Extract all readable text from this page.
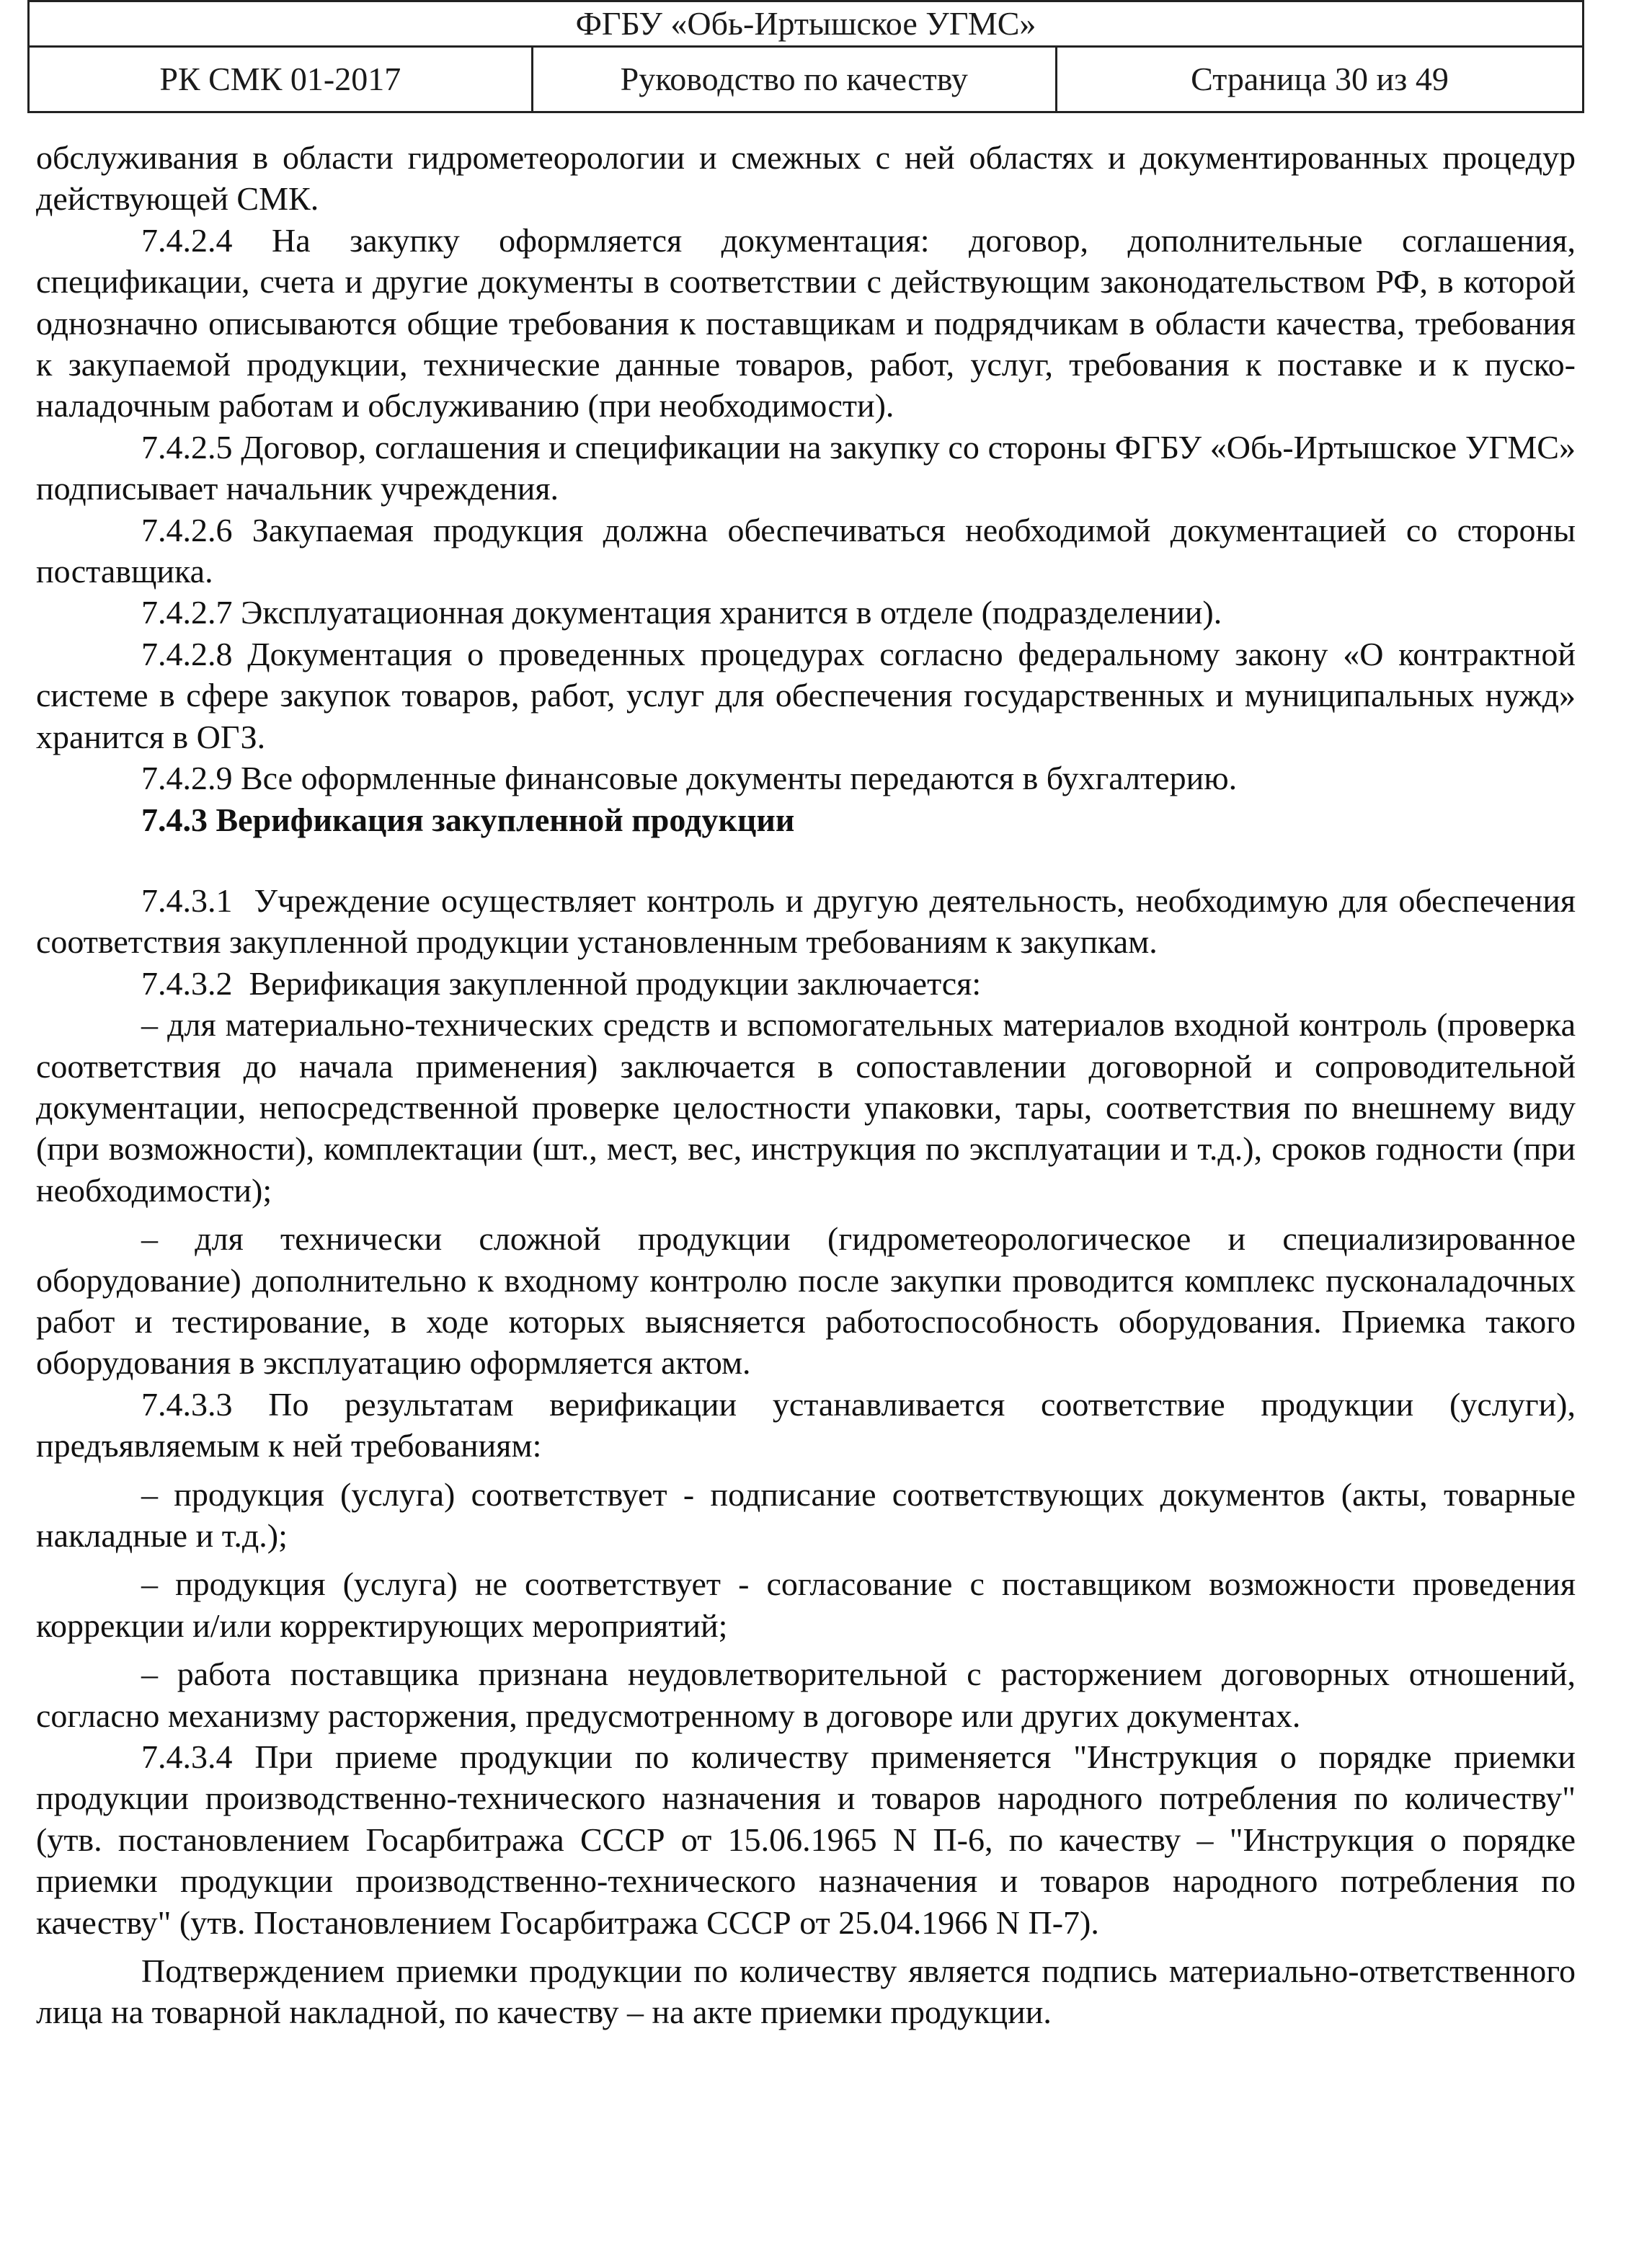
ФГБУ «Обь-Иртышское УГМС»
РК СМК 01-2017	Руководство по качеству	Страница 30 из 49

обслуживания в области гидрометеорологии и смежных с ней областях и документированных процедур действующей СМК.

7.4.2.4 На закупку оформляется документация: договор, дополнительные соглашения, спецификации, счета и другие документы в соответствии с действующим законодательством РФ, в которой однозначно описываются общие требования к поставщикам и подрядчикам в области качества, требования к закупаемой продукции, технические данные товаров, работ, услуг, требования к поставке и к пуско-наладочным работам и обслуживанию (при необходимости).

7.4.2.5 Договор, соглашения и спецификации на закупку со стороны ФГБУ «Обь-Иртышское УГМС» подписывает начальник учреждения.

7.4.2.6 Закупаемая продукция должна обеспечиваться необходимой документацией со стороны поставщика.

7.4.2.7 Эксплуатационная документация хранится в отделе (подразделении).

7.4.2.8 Документация о проведенных процедурах согласно федеральному закону «О контрактной системе в сфере закупок товаров, работ, услуг для обеспечения государственных и муниципальных нужд» хранится в ОГЗ.

7.4.2.9 Все оформленные финансовые документы передаются в бухгалтерию.

7.4.3 Верификация закупленной продукции

7.4.3.1  Учреждение осуществляет контроль и другую деятельность, необходимую для обеспечения соответствия закупленной продукции установленным требованиям к закупкам.

7.4.3.2  Верификация закупленной продукции заключается:

– для материально-технических средств и вспомогательных материалов входной контроль (проверка соответствия до начала применения) заключается в сопоставлении договорной и сопроводительной документации, непосредственной проверке целостности упаковки, тары, соответствия по внешнему виду (при возможности), комплектации (шт., мест, вес, инструкция по эксплуатации и т.д.), сроков годности (при необходимости);

– для технически сложной продукции (гидрометеорологическое и специализированное оборудование) дополнительно к входному контролю после закупки проводится комплекс пусконаладочных работ и тестирование, в ходе которых выясняется работоспособность оборудования. Приемка такого оборудования в эксплуатацию оформляется актом.

7.4.3.3 По результатам верификации устанавливается соответствие продукции (услуги), предъявляемым к ней требованиям:

– продукция (услуга) соответствует - подписание соответствующих документов (акты, товарные накладные и т.д.);

– продукция (услуга) не соответствует - согласование с поставщиком возможности проведения коррекции и/или корректирующих мероприятий;

– работа поставщика признана неудовлетворительной с расторжением договорных отношений, согласно механизму расторжения, предусмотренному в договоре или других документах.

7.4.3.4 При приеме продукции по количеству применяется "Инструкция о порядке приемки продукции производственно-технического назначения и товаров народного потребления по количеству" (утв. постановлением Госарбитража СССР от 15.06.1965 N П-6, по качеству – "Инструкция о порядке приемки продукции производственно-технического назначения и товаров народного потребления по качеству" (утв. Постановлением Госарбитража СССР от 25.04.1966 N П-7).

Подтверждением приемки продукции по количеству является подпись материально-ответственного лица на товарной накладной, по качеству – на акте приемки продукции.
